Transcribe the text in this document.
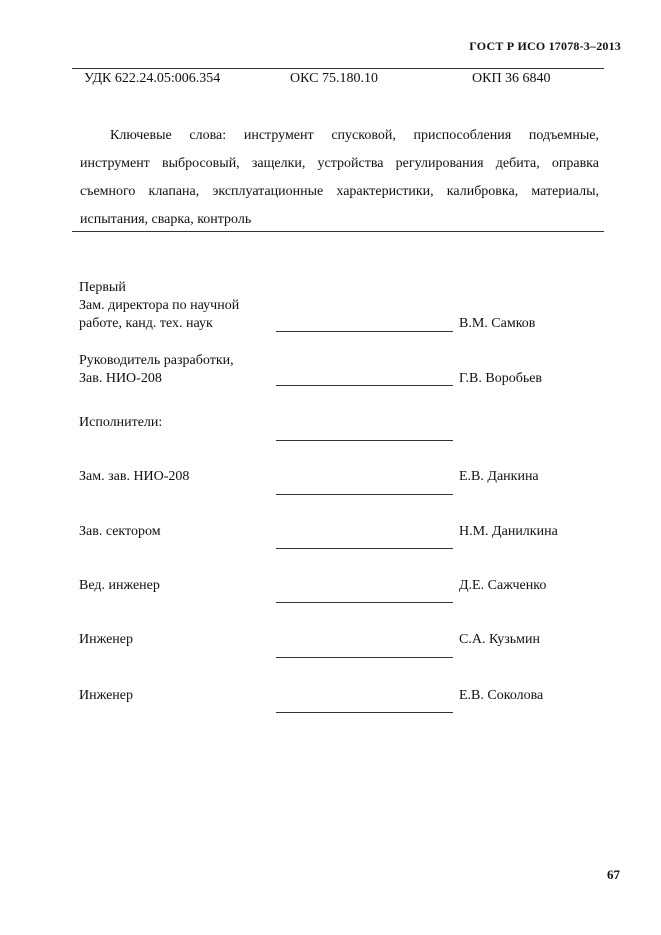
ГОСТ Р ИСО 17078-3–2013
УДК 622.24.05:006.354	ОКС 75.180.10	ОКП 36 6840

Ключевые слова: инструмент спусковой, приспособления подъемные, инструмент выбросовый, защелки, устройства регулирования дебита, оправка съемного клапана, эксплуатационные характеристики, калибровка, материалы, испытания, сварка, контроль

Первый
Зам. директора по научной
работе, канд. тех. наук	В.М. Самков
Руководитель разработки,
Зав. НИО-208	Г.В. Воробьев
Исполнители:
Зам. зав. НИО-208	Е.В. Данкина
Зав. сектором	Н.М. Данилкина
Вед. инженер	Д.Е. Сажченко
Инженер	С.А. Кузьмин
Инженер	Е.В. Соколова
67
